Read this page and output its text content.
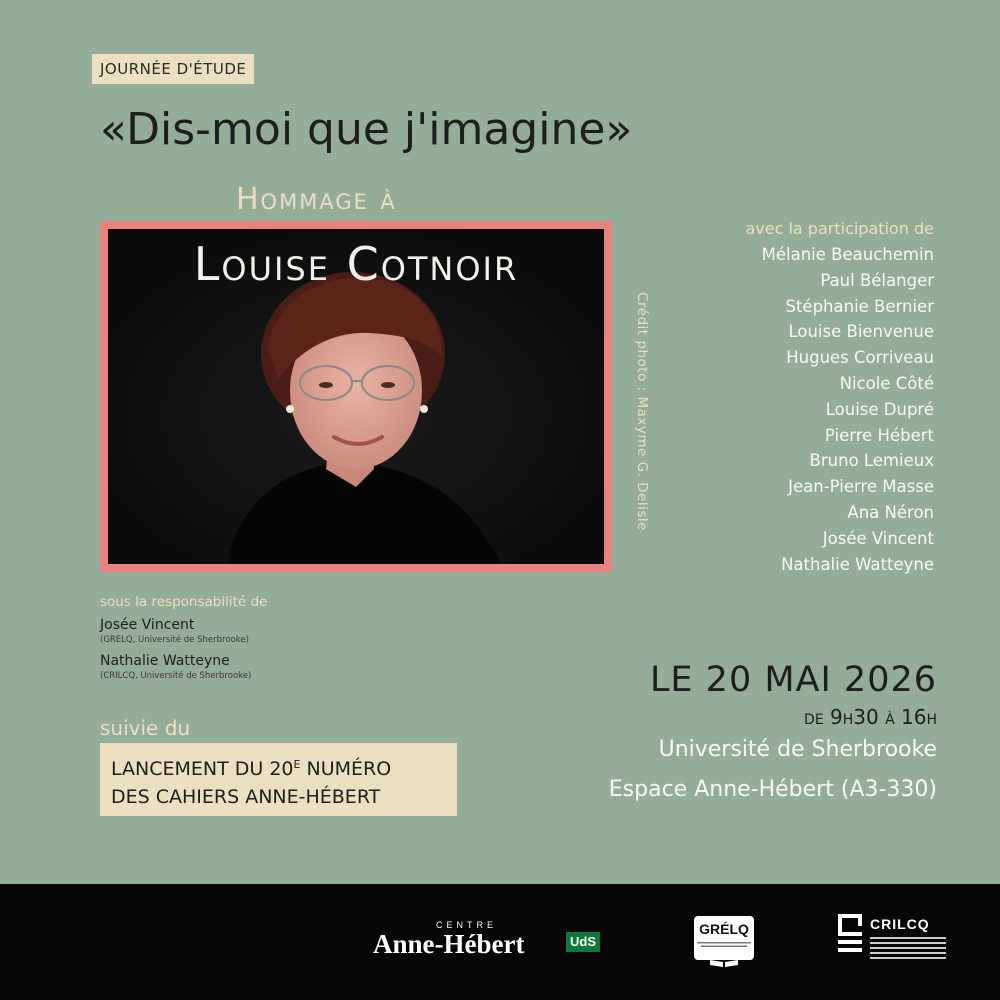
JOURNÉE D'ÉTUDE
«Dis-moi que j'imagine»
Hommage à
Louise Cotnoir
Crédit photo : Maxyme G. Delisle
avec la participation de
Mélanie Beauchemin
Paul Bélanger
Stéphanie Bernier
Louise Bienvenue
Hugues Corriveau
Nicole Côté
Louise Dupré
Pierre Hébert
Bruno Lemieux
Jean-Pierre Masse
Ana Néron
Josée Vincent
Nathalie Watteyne
sous la responsabilité de
Josée Vincent
(GRELQ, Université de Sherbrooke)
Nathalie Watteyne
(CRILCQ, Université de Sherbrooke)
suivie du
LANCEMENT DU $20^E$ NUMÉRO
DES CAHIERS ANNE-HÉBERT
LE 20 MAI 2026
de 9h30 à 16h
Université de Sherbrooke
Espace Anne-Hébert (A3-330)
CENTRE
Anne-Hébert	UdS
GRÉLQ	CRILCQ
